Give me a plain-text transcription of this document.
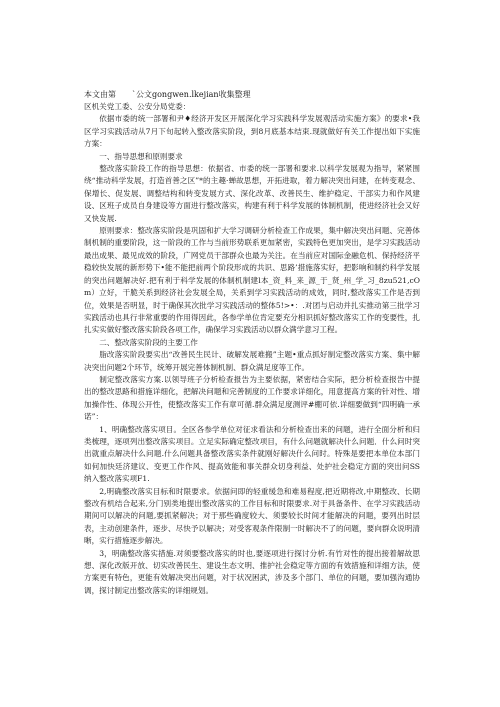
本文由第 `公文gongwen.lkejian收集整理

区机关党工委、公安分局党委：

依据市委的统一部署和尹♦经济开发区开展深化学习实践科学发展观活动实施方案》的要求•我区学习实践活动从7月下旬起转入整改落实阶段，到8月底基本结束.现就做好有关工作提出如下实施方案：

一、指导思想和原则要求

整改落实阶段工作的指导思想：依据省、市委的统一部署和要求.以科学发展观为指导，紧紧围绕“推动科学发展，打造首善之区”*的主趣·蝉故思想，开拓进取，着力解决突出问建，在转变观念、保增长、促发展、调整结构和转变发展方式、深化改革、改善民生、维护稳定、干部实力和作风建设、区班子成员自身建设等方面进行整改落实，构建有利于科学发展的体制机制，使进经济社会又好又快发展.

原则要求：整改落实阶段是巩固和扩大学习调研分析检查工作成果，集中解决突出问题、完善体制机制的重要阶段，这一阶段的工作与当前形势联系更加紧密，实践特色更加突出，是学习实践活动最出成果、最见成效的阶段，广网党员干部群众也最为关注。在当前应对国际金融危机、保持经济平稳较快发展的新形势下•能不能把前两个阶段形成的共识、思路’措施落实好，把影响和制约科学发展的突出问题解决好.把有利于科学发展的体制机制建l本_资_料_来_源_于_贤_州_学_习_8zu521,cOm）立好，干脆关系到经济社会发展全局，关系到学习实践活动的成效，同时,整改落实工作是否到位，效果是否明显，时于确保其次批学习实践活动的整体5!>•：.对团与启动并扎实推动第三批学习实践活动也具行非常重要的作用得因此，各参学单位肯定要充分相识抓好整改落实工作的变要性，扎扎实实做好整改落实阶段各项工作，确保学习实践活动以群众满学意习工程。

二、整改落实阶段的主要工作

脂改落实阶段要实出“改善民生民计、破解发展难搬”主题•重点抓好制定整改落实方案、集中解决突出问题2个环节，统筹开展完善体制机制、群众满足度等工作。

制定整改落实方案.以领导班子分析检查报告为主要依据，紧密结合实际，把分析检查报告中提出的整改思路和措施详细化，把解决问题和完善制度的工作要求详细化，用意提高方案的针对性、增加操作性、体现公开性，使整改落实工作有章可循.群众满足度测评#棚可依.详细要做到“四明确一承诺”：

1、明确整改落实项目。全区各参学单位对征求看法和分析检查出来的问题，进行全面分析和归类梳理，逐项列出整改落实项目。立足实际确定整改项目，有什么问题就解决什么问题．什么问时突出就重点解决什么问题.什么问题具备整改落实条件就刚好解决什么问时。特殊是要把本单位本部门如何加快廷济建议、变更工作作风、提高效能和事关群众切身利益、处护社会稳定方面的突出问SS纳入整改落实项F1.

2,明确整改落实目标和时限要求。依据问即的轻重缓急和难易程度,把近期将改,中期整改、长期整改有机结合起来,分门别类地提出整改落实的工作目标和时限要求.对于具备条件、在学习实践活动期间可以解决的问题,要抓紧解决；对于那些确度较大、须要较长时间才能解决的问题，要列出时层表，主动创建条件，逐步、尽快予以解决；对受客观条件限制一时解决不了的问题，要向群众说明清晰，实行措施逐步解决。

3，明确整改落实措施.对须要整改落实的时也,要逐项进行探讨分析.有竹对性的提出接着解故思想、深化改版开放、切实改善民生、建设生态文明、推护社会稳定等方面的有效措施和详细方法，使方案更有特色，更能有效解决突出问题，对于状况困武，涉及多个部门、单位的问题，要加强沟通协调，探讨制定出整改落实的详细规划。
